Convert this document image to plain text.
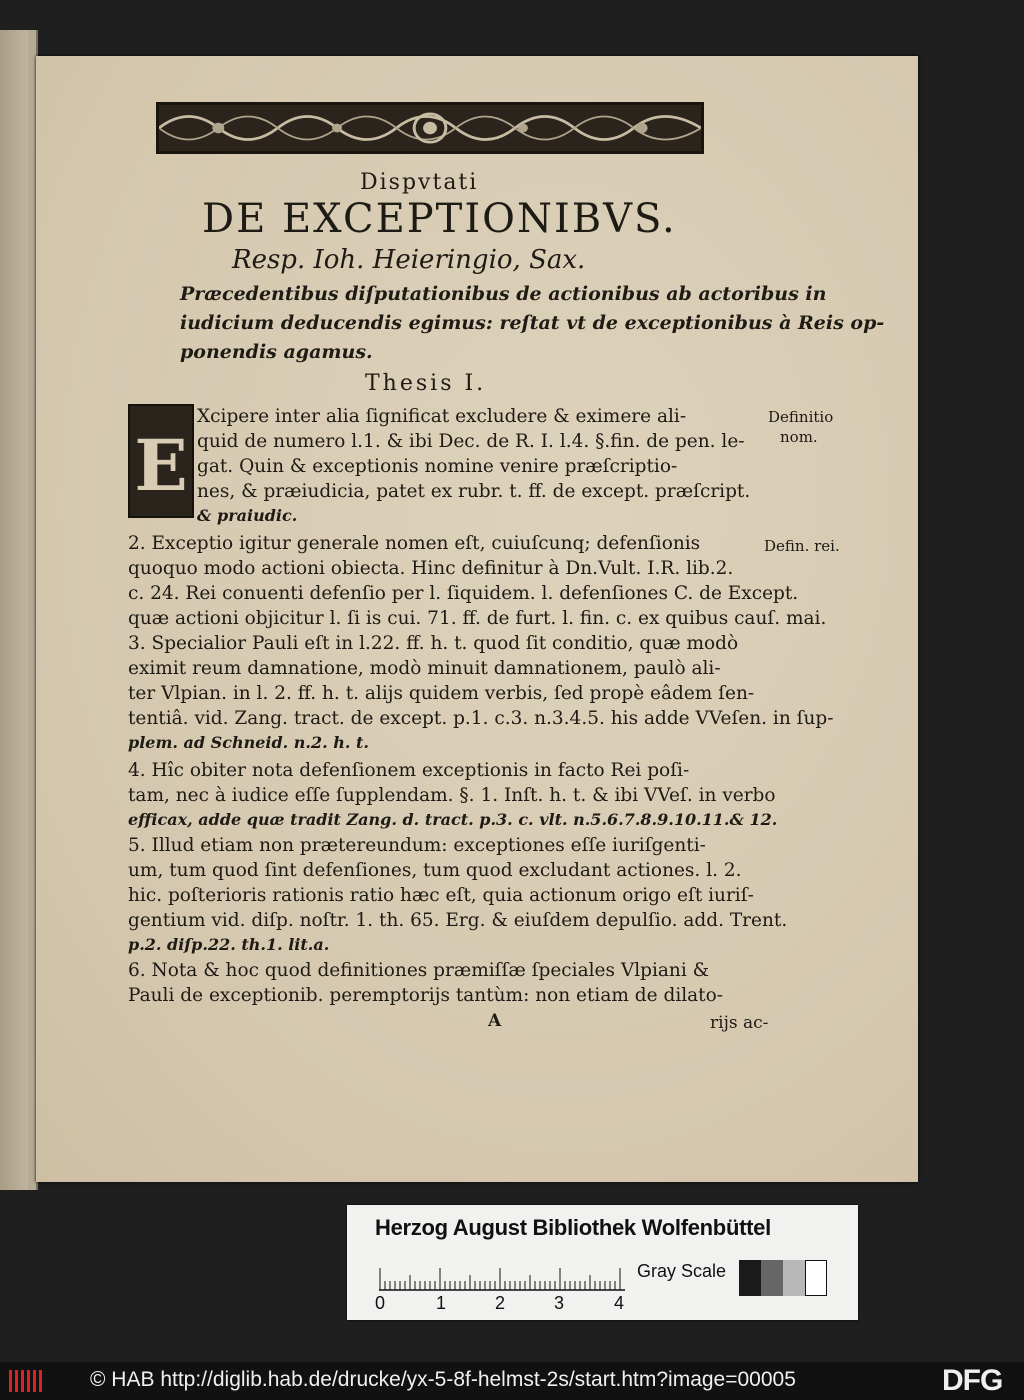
Dispvtati
DE EXCEPTIONIBVS.
Resp. Ioh. Heieringio, Sax.
Præcedentibus diſputationibus de actionibus ab actoribus in
iudicium deducendis egimus: reſtat vt de exceptionibus à Reis op-
ponendis agamus.
Thesis I.
E
Xcipere inter alia ſignificat excludere & eximere ali-
quid de numero l.1. & ibi Dec. de R. I. l.4. §.fin. de pen. le-
gat. Quin & exceptionis nomine venire præſcriptio-
nes, & præiudicia, patet ex rubr. t. ff. de except. præſcript.
& praiudic.
2. Exceptio igitur generale nomen eſt, cuiuſcunq; defenſionis
quoquo modo actioni obiecta. Hinc definitur à Dn.Vult. I.R. lib.2.
c. 24. Rei conuenti defenſio per l. ſiquidem. l. defenſiones C. de Except.
quæ actioni objicitur l. ſi is cui. 71. ff. de furt. l. fin. c. ex quibus cauſ. mai.
3. Specialior Pauli eſt in l.22. ff. h. t. quod ſit conditio, quæ modò
eximit reum damnatione, modò minuit damnationem, paulò ali-
ter Vlpian. in l. 2. ff. h. t. alijs quidem verbis, ſed propè eâdem ſen-
tentiâ. vid. Zang. tract. de except. p.1. c.3. n.3.4.5. his adde VVeſen. in ſup-
plem. ad Schneid. n.2. h. t.
4. Hîc obiter nota defenſionem exceptionis in facto Rei poſi-
tam, nec à iudice eſſe ſupplendam. §. 1. Inſt. h. t. & ibi VVeſ. in verbo
efficax, adde quæ tradit Zang. d. tract. p.3. c. vlt. n.5.6.7.8.9.10.11.& 12.
5. Illud etiam non prætereundum: exceptiones eſſe iuriſgenti-
um, tum quod ſint defenſiones, tum quod excludant actiones. l. 2.
hic. poſterioris rationis ratio hæc eſt, quia actionum origo eſt iuriſ-
gentium vid. diſp. noſtr. 1. th. 65. Erg. & eiuſdem depulſio. add. Trent.
p.2. diſp.22. th.1. lit.a.
6. Nota & hoc quod definitiones præmiſſæ ſpeciales Vlpiani &
Pauli de exceptionib. peremptorijs tantùm: non etiam de dilato-
Definitio
nom.
Defin. rei.
A	rijs ac-
Herzog August Bibliothek Wolfenbüttel
0	1	2	3	4
Gray Scale
© HAB http://diglib.hab.de/drucke/yx-5-8f-helmst-2s/start.htm?image=00005	DFG
